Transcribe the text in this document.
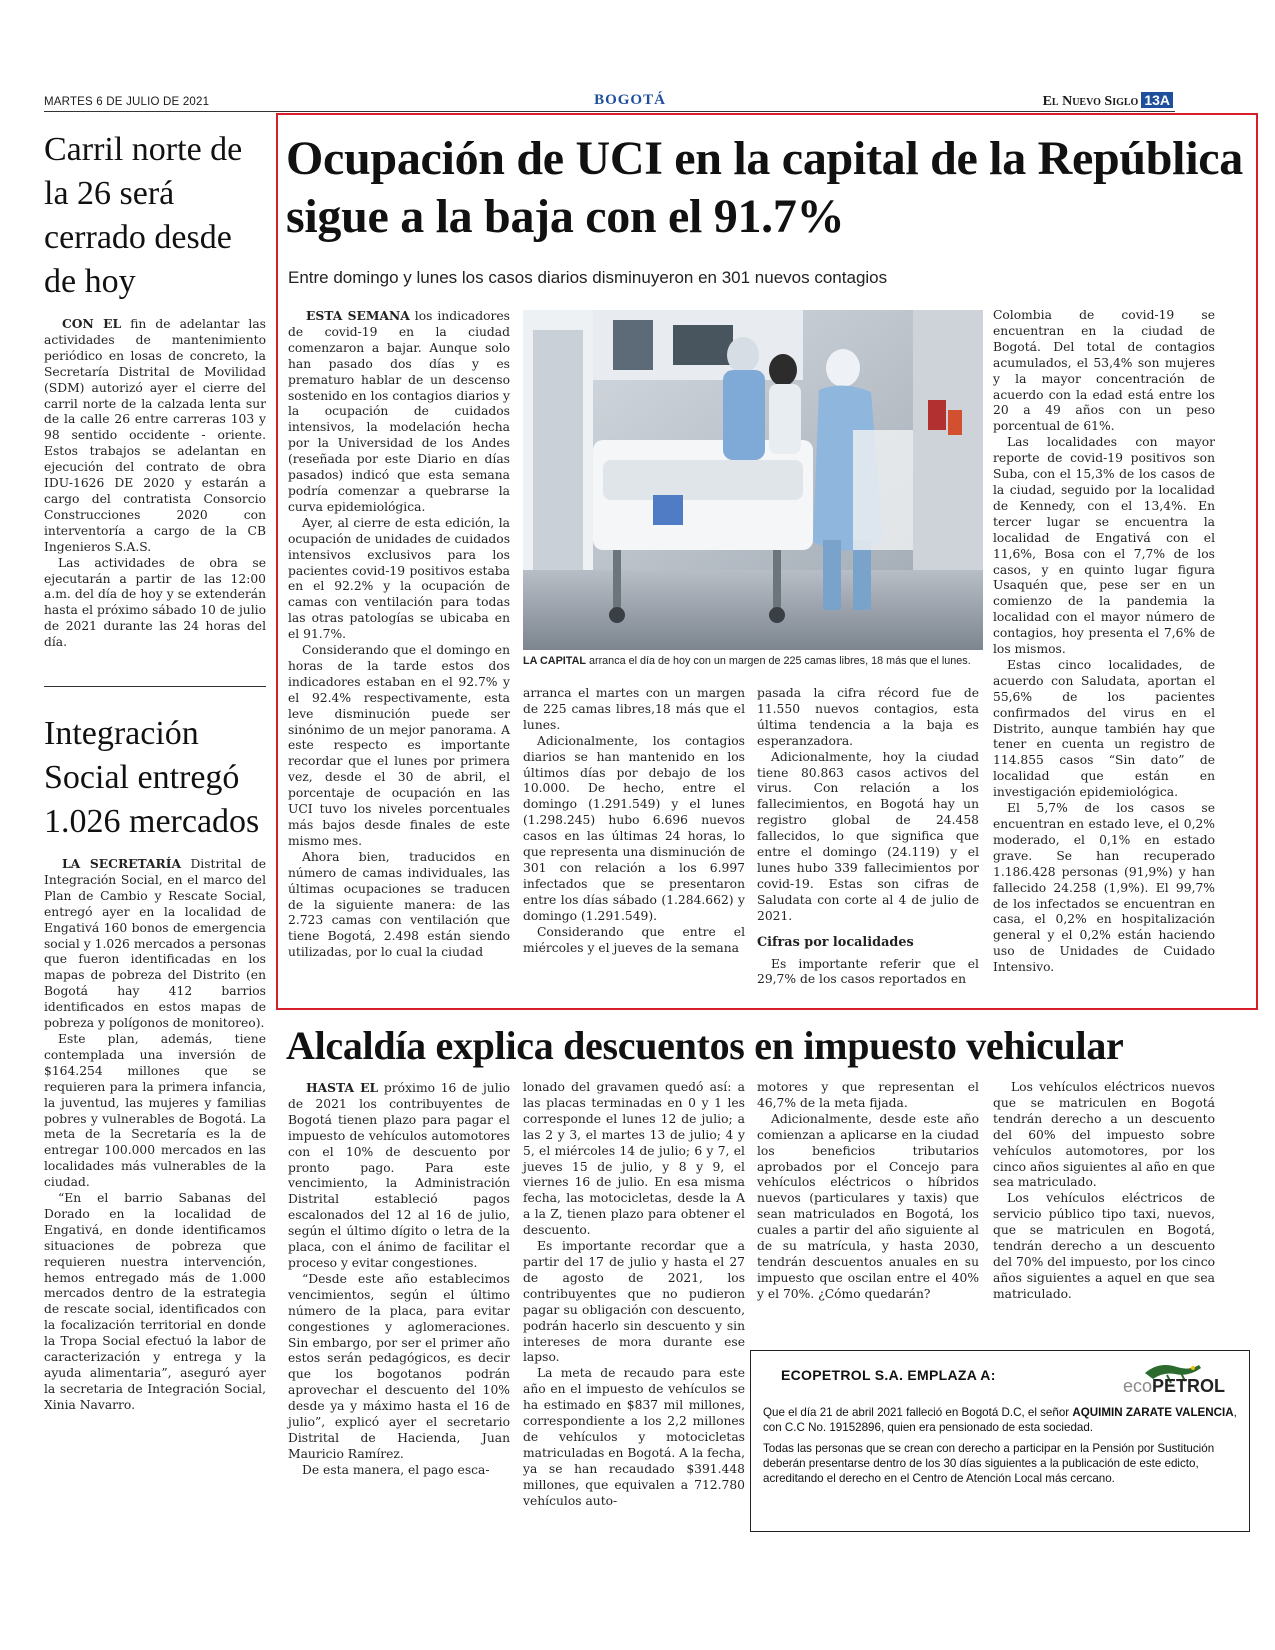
MARTES 6 DE JULIO DE 2021	BOGOTÁ	El Nuevo Siglo 13A
Carril norte de la 26 será cerrado desde de hoy

CON EL fin de adelantar las actividades de mantenimiento periódico en losas de concreto, la Secretaría Distrital de Movilidad (SDM) autorizó ayer el cierre del carril norte de la calzada lenta sur de la calle 26 entre carreras 103 y 98 sentido occidente - oriente. Estos trabajos se adelantan en ejecución del contrato de obra IDU-1626 DE 2020 y estarán a cargo del contratista Consorcio Construcciones 2020 con interventoría a cargo de la CB Ingenieros S.A.S.

Las actividades de obra se ejecutarán a partir de las 12:00 a.m. del día de hoy y se extenderán hasta el próximo sábado 10 de julio de 2021 durante las 24 horas del día.

Integración Social entregó 1.026 mercados

LA SECRETARÍA Distrital de Integración Social, en el marco del Plan de Cambio y Rescate Social, entregó ayer en la localidad de Engativá 160 bonos de emergencia social y 1.026 mercados a personas que fueron identificadas en los mapas de pobreza del Distrito (en Bogotá hay 412 barrios identificados en estos mapas de pobreza y polígonos de monitoreo).

Este plan, además, tiene contemplada una inversión de $164.254 millones que se requieren para la primera infancia, la juventud, las mujeres y familias pobres y vulnerables de Bogotá. La meta de la Secretaría es la de entregar 100.000 mercados en las localidades más vulnerables de la ciudad.

“En el barrio Sabanas del Dorado en la localidad de Engativá, en donde identificamos situaciones de pobreza que requieren nuestra intervención, hemos entregado más de 1.000 mercados dentro de la estrategia de rescate social, identificados con la focalización territorial en donde la Tropa Social efectuó la labor de caracterización y entrega y la ayuda alimentaria”, aseguró ayer la secretaria de Integración Social, Xinia Navarro.

Ocupación de UCI en la capital de la República sigue a la baja con el 91.7%
Entre domingo y lunes los casos diarios disminuyeron en 301 nuevos contagios

ESTA SEMANA los indicadores de covid-19 en la ciudad comenzaron a bajar. Aunque solo han pasado dos días y es prematuro hablar de un descenso sostenido en los contagios diarios y la ocupación de cuidados intensivos, la modelación hecha por la Universidad de los Andes (reseñada por este Diario en días pasados) indicó que esta semana podría comenzar a quebrarse la curva epidemiológica.

Ayer, al cierre de esta edición, la ocupación de unidades de cuidados intensivos exclusivos para los pacientes covid-19 positivos estaba en el 92.2% y la ocupación de camas con ventilación para todas las otras patologías se ubicaba en el 91.7%.

Considerando que el domingo en horas de la tarde estos dos indicadores estaban en el 92.7% y el 92.4% respectivamente, esta leve disminución puede ser sinónimo de un mejor panorama. A este respecto es importante recordar que el lunes por primera vez, desde el 30 de abril, el porcentaje de ocupación en las UCI tuvo los niveles porcentuales más bajos desde finales de este mismo mes.

Ahora bien, traducidos en número de camas individuales, las últimas ocupaciones se traducen de la siguiente manera: de las 2.723 camas con ventilación que tiene Bogotá, 2.498 están siendo utilizadas, por lo cual la ciudad

LA CAPITAL arranca el día de hoy con un margen de 225 camas libres, 18 más que el lunes.

arranca el martes con un margen de 225 camas libres,18 más que el lunes.

Adicionalmente, los contagios diarios se han mantenido en los últimos días por debajo de los 10.000. De hecho, entre el domingo (1.291.549) y el lunes (1.298.245) hubo 6.696 nuevos casos en las últimas 24 horas, lo que representa una disminución de 301 con relación a los 6.997 infectados que se presentaron entre los días sábado (1.284.662) y domingo (1.291.549).

Considerando que entre el miércoles y el jueves de la semana

pasada la cifra récord fue de 11.550 nuevos contagios, esta última tendencia a la baja es esperanzadora.

Adicionalmente, hoy la ciudad tiene 80.863 casos activos del virus. Con relación a los fallecimientos, en Bogotá hay un registro global de 24.458 fallecidos, lo que significa que entre el domingo (24.119) y el lunes hubo 339 fallecimientos por covid-19. Estas son cifras de Saludata con corte al 4 de julio de 2021.

Cifras por localidades

Es importante referir que el 29,7% de los casos reportados en

Colombia de covid-19 se encuentran en la ciudad de Bogotá. Del total de contagios acumulados, el 53,4% son mujeres y la mayor concentración de acuerdo con la edad está entre los 20 a 49 años con un peso porcentual de 61%.

Las localidades con mayor reporte de covid-19 positivos son Suba, con el 15,3% de los casos de la ciudad, seguido por la localidad de Kennedy, con el 13,4%. En tercer lugar se encuentra la localidad de Engativá con el 11,6%, Bosa con el 7,7% de los casos, y en quinto lugar figura Usaquén que, pese ser en un comienzo de la pandemia la localidad con el mayor número de contagios, hoy presenta el 7,6% de los mismos.

Estas cinco localidades, de acuerdo con Saludata, aportan el 55,6% de los pacientes confirmados del virus en el Distrito, aunque también hay que tener en cuenta un registro de 114.855 casos “Sin dato” de localidad que están en investigación epidemiológica.

El 5,7% de los casos se encuentran en estado leve, el 0,2% moderado, el 0,1% en estado grave. Se han recuperado 1.186.428 personas (91,9%) y han fallecido 24.258 (1,9%). El 99,7% de los infectados se encuentran en casa, el 0,2% en hospitalización general y el 0,2% están haciendo uso de Unidades de Cuidado Intensivo.

Alcaldía explica descuentos en impuesto vehicular

HASTA EL próximo 16 de julio de 2021 los contribuyentes de Bogotá tienen plazo para pagar el impuesto de vehículos automotores con el 10% de descuento por pronto pago. Para este vencimiento, la Administración Distrital estableció pagos escalonados del 12 al 16 de julio, según el último dígito o letra de la placa, con el ánimo de facilitar el proceso y evitar congestiones.

“Desde este año establecimos vencimientos, según el último número de la placa, para evitar congestiones y aglomeraciones. Sin embargo, por ser el primer año estos serán pedagógicos, es decir que los bogotanos podrán aprovechar el descuento del 10% desde ya y máximo hasta el 16 de julio”, explicó ayer el secretario Distrital de Hacienda, Juan Mauricio Ramírez.

De esta manera, el pago esca-

lonado del gravamen quedó así: a las placas terminadas en 0 y 1 les corresponde el lunes 12 de julio; a las 2 y 3, el martes 13 de julio; 4 y 5, el miércoles 14 de julio; 6 y 7, el jueves 15 de julio, y 8 y 9, el viernes 16 de julio. En esa misma fecha, las motocicletas, desde la A a la Z, tienen plazo para obtener el descuento.

Es importante recordar que a partir del 17 de julio y hasta el 27 de agosto de 2021, los contribuyentes que no pudieron pagar su obligación con descuento, podrán hacerlo sin descuento y sin intereses de mora durante ese lapso.

La meta de recaudo para este año en el impuesto de vehículos se ha estimado en $837 mil millones, correspondiente a los 2,2 millones de vehículos y motocicletas matriculadas en Bogotá. A la fecha, ya se han recaudado $391.448 millones, que equivalen a 712.780 vehículos auto-

motores y que representan el 46,7% de la meta fijada.

Adicionalmente, desde este año comienzan a aplicarse en la ciudad los beneficios tributarios aprobados por el Concejo para vehículos eléctricos o híbridos nuevos (particulares y taxis) que sean matriculados en Bogotá, los cuales a partir del año siguiente al de su matrícula, y hasta 2030, tendrán descuentos anuales en su impuesto que oscilan entre el 40% y el 70%. ¿Cómo quedarán?

Los vehículos eléctricos nuevos que se matriculen en Bogotá tendrán derecho a un descuento del 60% del impuesto sobre vehículos automotores, por los cinco años siguientes al año en que sea matriculado.

Los vehículos eléctricos de servicio público tipo taxi, nuevos, que se matriculen en Bogotá, tendrán derecho a un descuento del 70% del impuesto, por los cinco años siguientes a aquel en que sea matriculado.

ECOPETROL S.A. EMPLAZA A:
ecoPETROL

Que el día 21 de abril 2021 falleció en Bogotá D.C, el señor AQUIMIN ZARATE VALENCIA, con C.C No. 19152896, quien era pensionado de esta sociedad.

Todas las personas que se crean con derecho a participar en la Pensión por Sustitución deberán presentarse dentro de los 30 días siguientes a la publicación de este edicto, acreditando el derecho en el Centro de Atención Local más cercano.
